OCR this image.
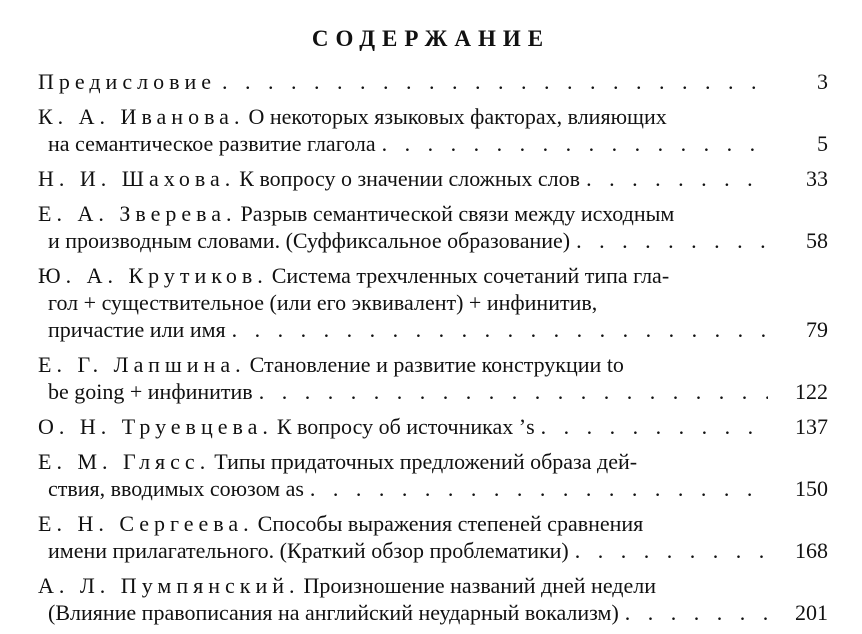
СОДЕРЖАНИЕ
Предисловие . . .	3
К. А. Иванова. О некоторых языковых факторах, влияющих
на семантическое развитие глагола . . .	5
Н. И. Шахова. К вопросу о значении сложных слов . . .	33
Е. А. Зверева. Разрыв семантической связи между исходным
и производным словами. (Суффиксальное образование) . . .	58
Ю. А. Крутиков. Система трехчленных сочетаний типа гла-
гол + существительное (или его эквивалент) + инфинитив,
причастие или имя . . .	79
Е. Г. Лапшина. Становление и развитие конструкции to
be going + инфинитив . . .	122
О. Н. Труевцева. К вопросу об источниках ’s . . .	137
Е. М. Глясс. Типы придаточных предложений образа дей-
ствия, вводимых союзом as . . .	150
Е. Н. Сергеева. Способы выражения степеней сравнения
имени прилагательного. (Краткий обзор проблематики) . . .	168
А. Л. Пумпянский. Произношение названий дней недели
(Влияние правописания на английский неударный вокализм) . . .	201
